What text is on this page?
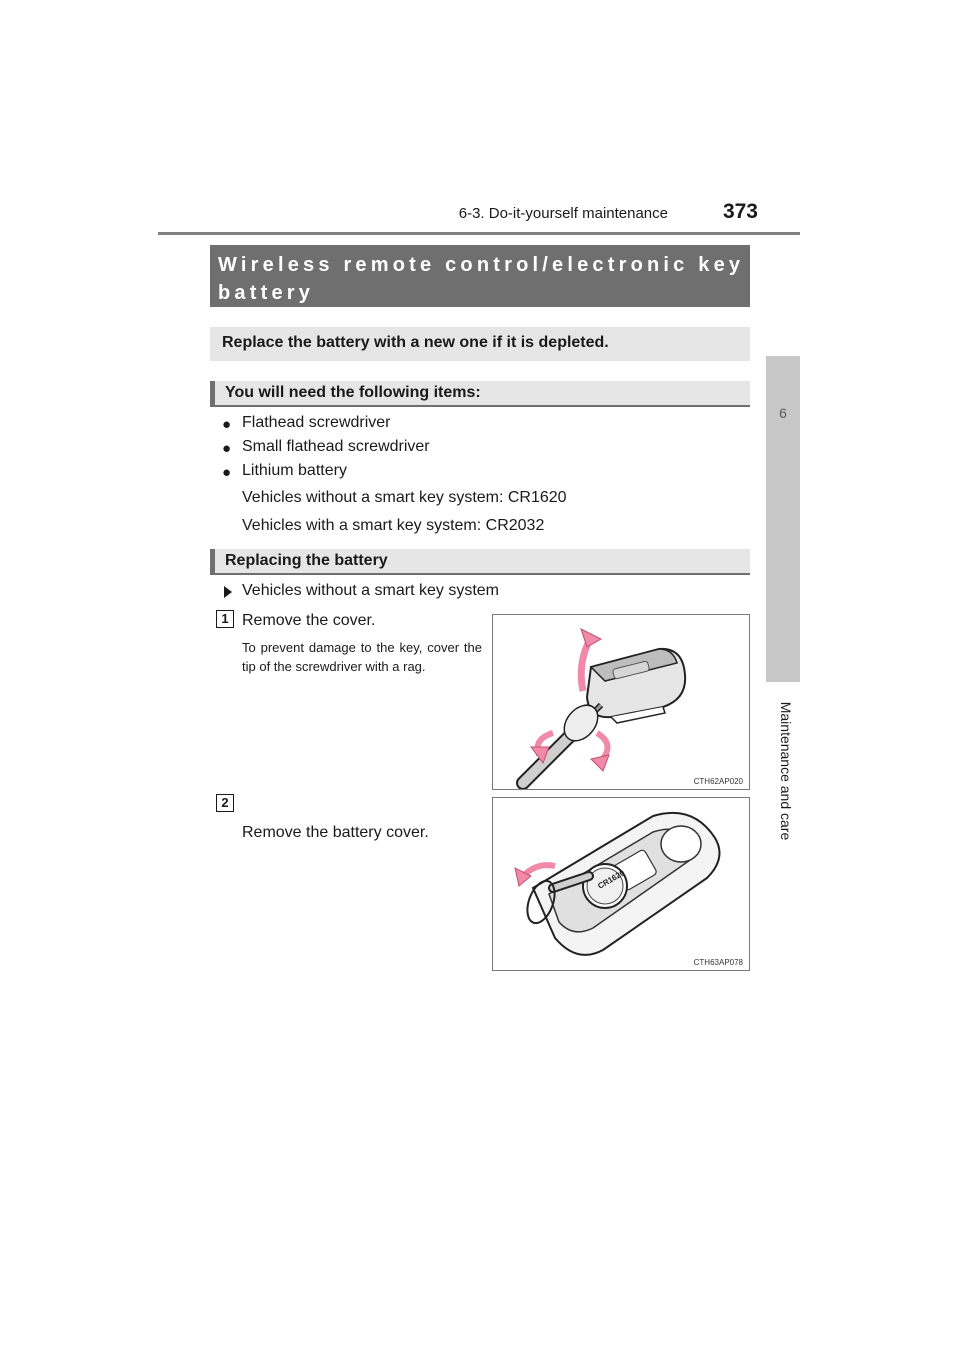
6-3. Do-it-yourself maintenance	373
6
Maintenance and care
Wireless remote control/electronic key battery
Replace the battery with a new one if it is depleted.
You will need the following items:
● Flathead screwdriver
● Small flathead screwdriver
● Lithium battery
Vehicles without a smart key system: CR1620
Vehicles with a smart key system: CR2032
Replacing the battery
Vehicles without a smart key system
1 Remove the cover.
To prevent damage to the key, cover the tip of the screwdriver with a rag.
CTH62AP020
2
Remove the battery cover.
CR1620
CTH63AP078
